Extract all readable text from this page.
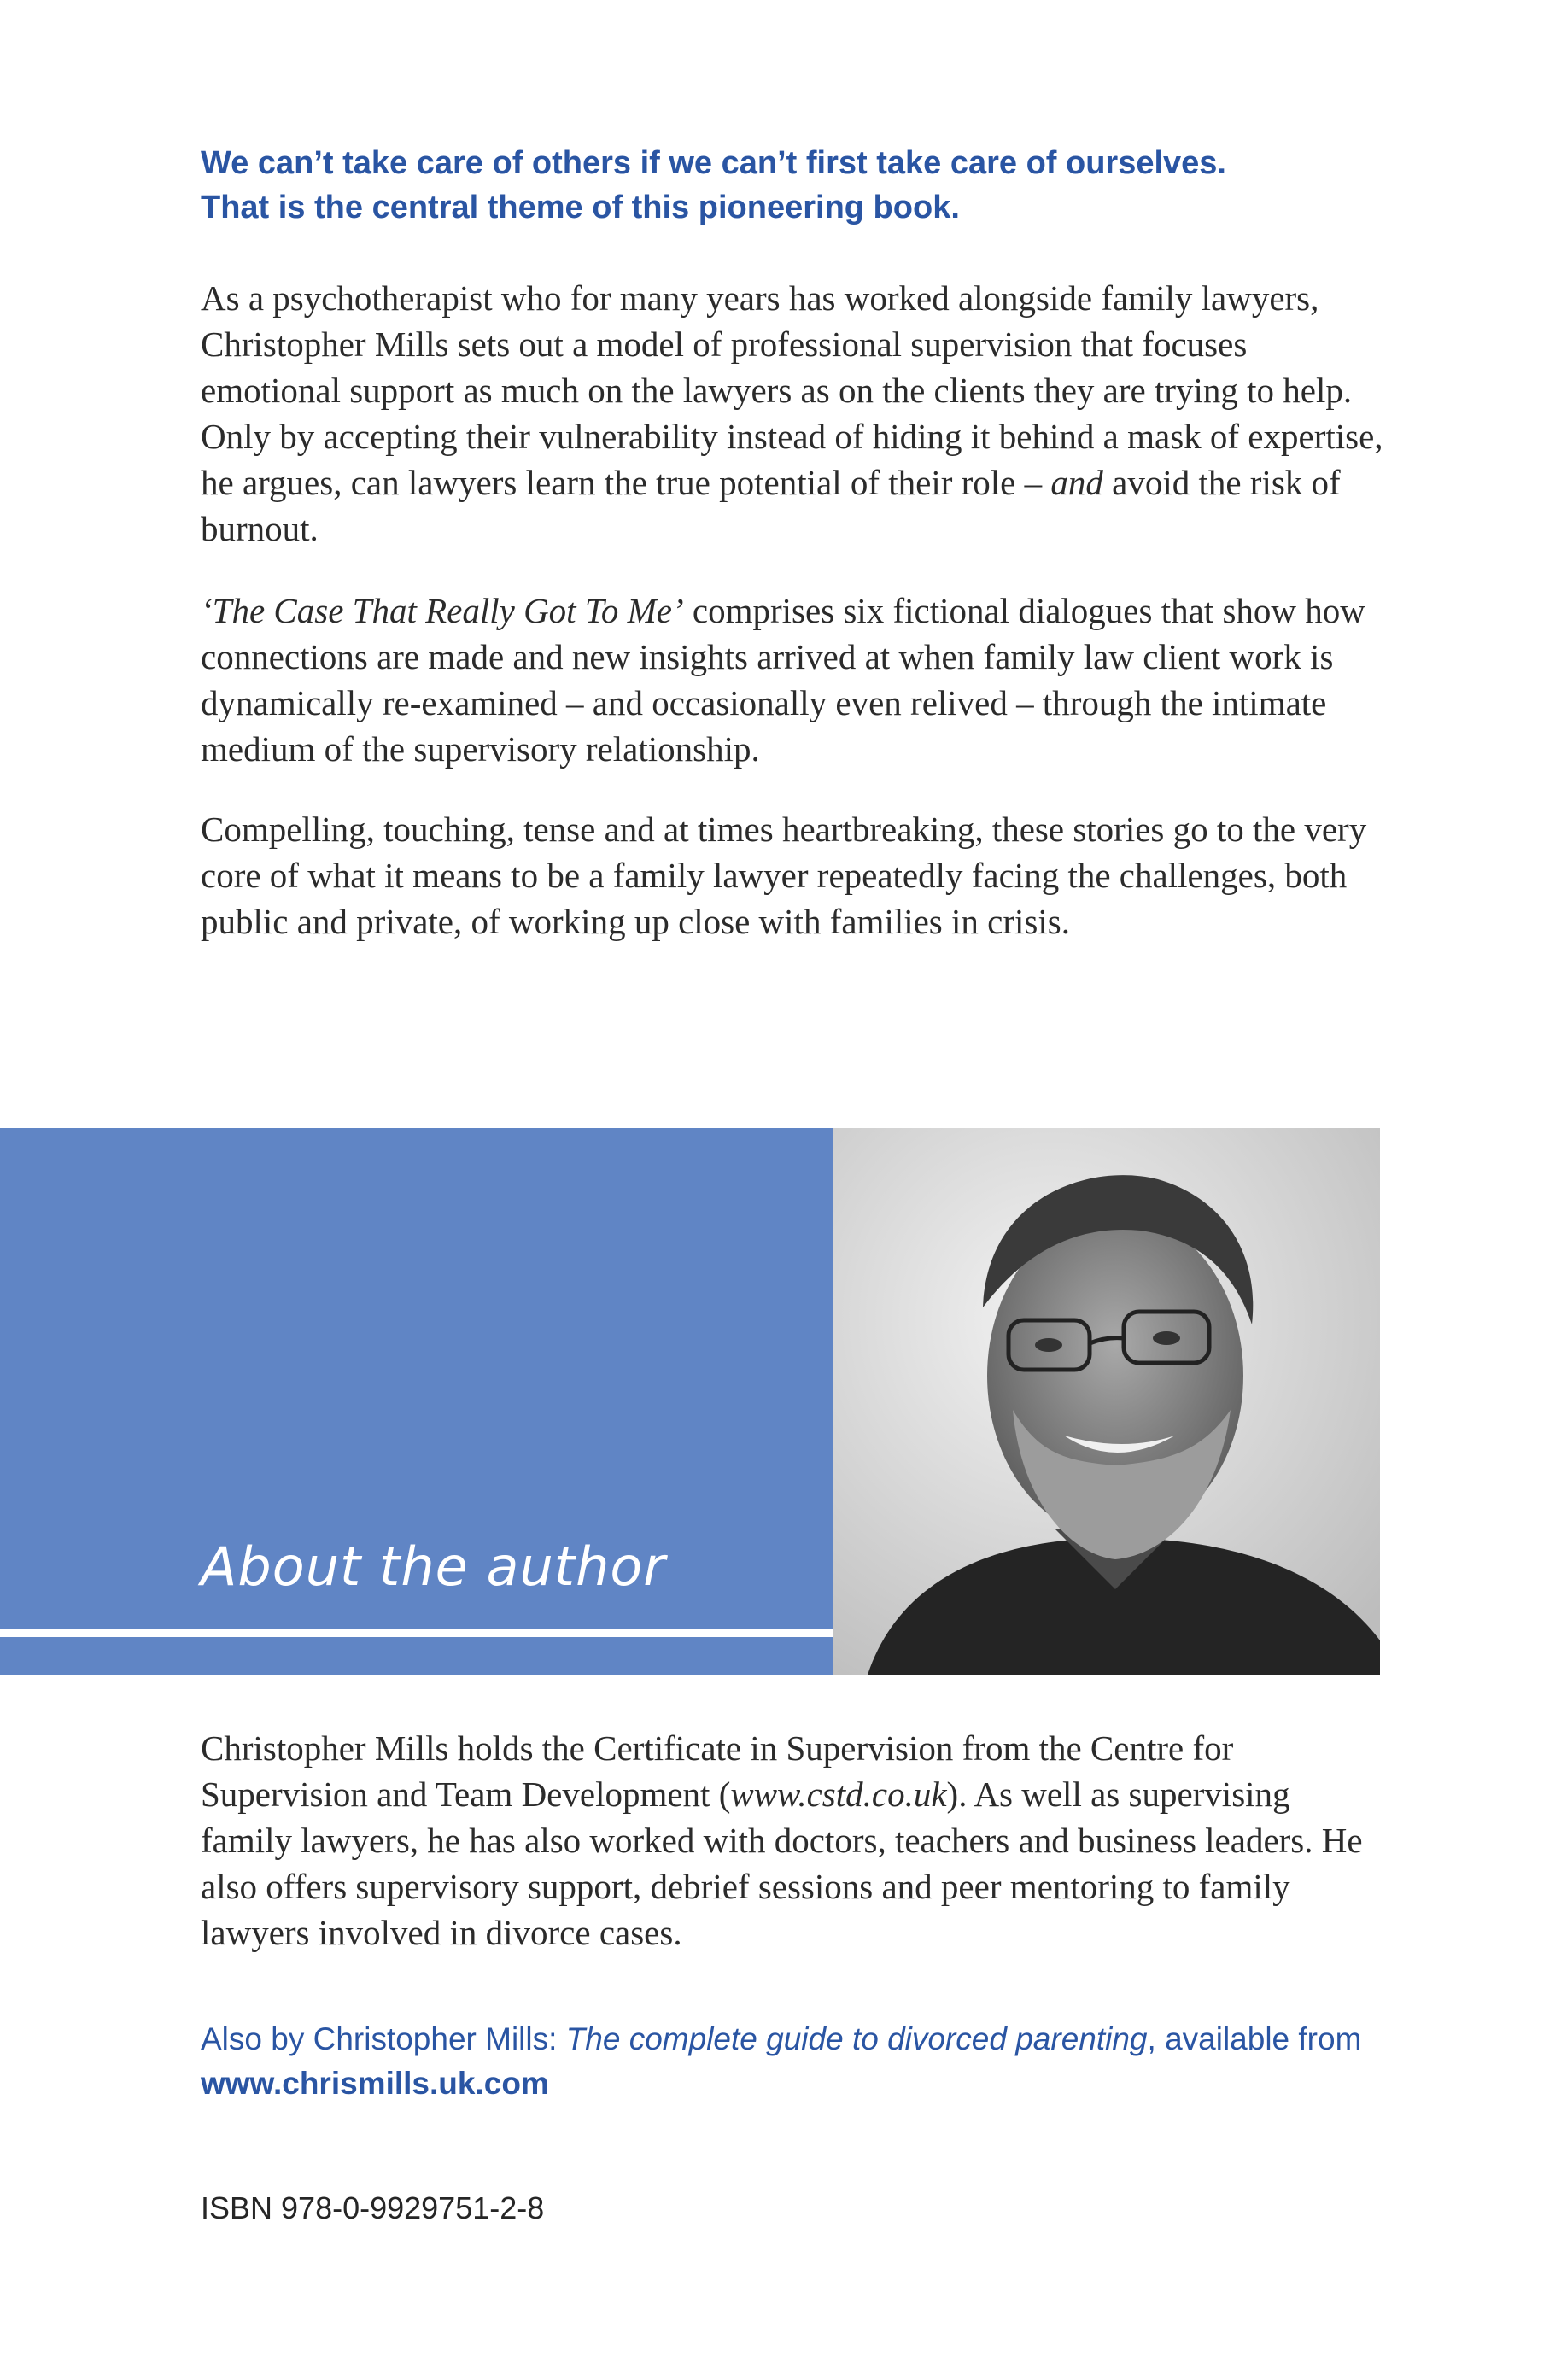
We can’t take care of others if we can’t first take care of ourselves.
That is the central theme of this pioneering book.

As a psychotherapist who for many years has worked alongside family lawyers, Christopher Mills sets out a model of professional supervision that focuses emotional support as much on the lawyers as on the clients they are trying to help. Only by accepting their vulnerability instead of hiding it behind a mask of expertise, he argues, can lawyers learn the true potential of their role – and avoid the risk of burnout.

‘The Case That Really Got To Me’ comprises six fictional dialogues that show how connections are made and new insights arrived at when family law client work is dynamically re-examined – and occasionally even relived – through the intimate medium of the supervisory relationship.

Compelling, touching, tense and at times heartbreaking, these stories go to the very core of what it means to be a family lawyer repeatedly facing the challenges, both public and private, of working up close with families in crisis.

About the author

Christopher Mills holds the Certificate in Supervision from the Centre for Supervision and Team Development (www.cstd.co.uk). As well as supervising family lawyers, he has also worked with doctors, teachers and business leaders. He also offers supervisory support, debrief sessions and peer mentoring to family lawyers involved in divorce cases.

Also by Christopher Mills: The complete guide to divorced parenting, available from www.chrismills.uk.com
ISBN 978-0-9929751-2-8
